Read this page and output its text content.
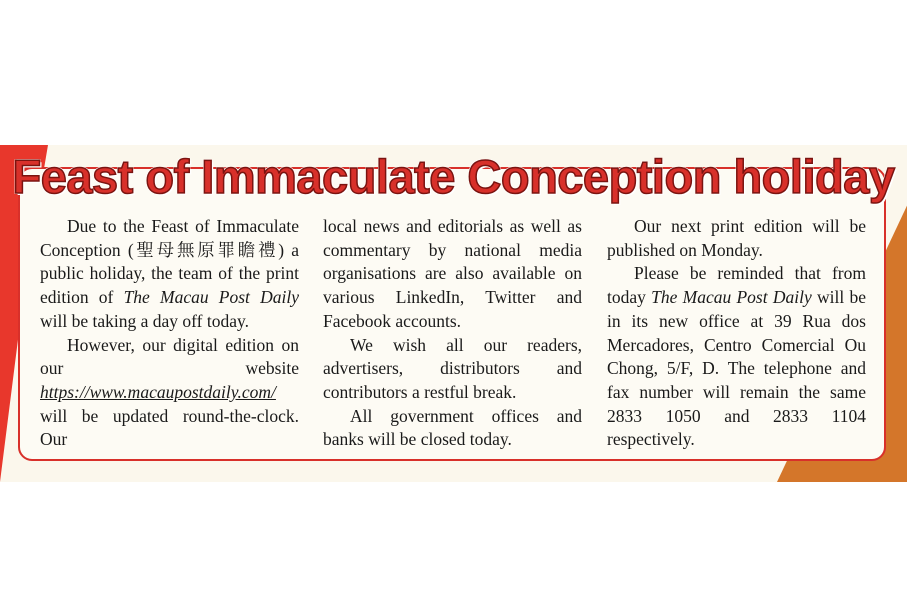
Feast of Immaculate Conception holiday

Due to the Feast of Immaculate Conception (聖母無原罪瞻禮) a public holiday, the team of the print edition of The Macau Post Daily will be taking a day off today.

However, our digital edition on our website https://www.macaupostdaily.com/ will be updated round-the-clock. Our

local news and editorials as well as commentary by national media organisations are also available on various LinkedIn, Twitter and Facebook accounts.

We wish all our readers, advertisers, distributors and contributors a restful break.

All government offices and banks will be closed today.

Our next print edition will be published on Monday.

Please be reminded that from today The Macau Post Daily will be in its new office at 39 Rua dos Mercadores, Centro Comercial Ou Chong, 5/F, D. The telephone and fax number will remain the same 2833 1050 and 2833 1104 respectively.
